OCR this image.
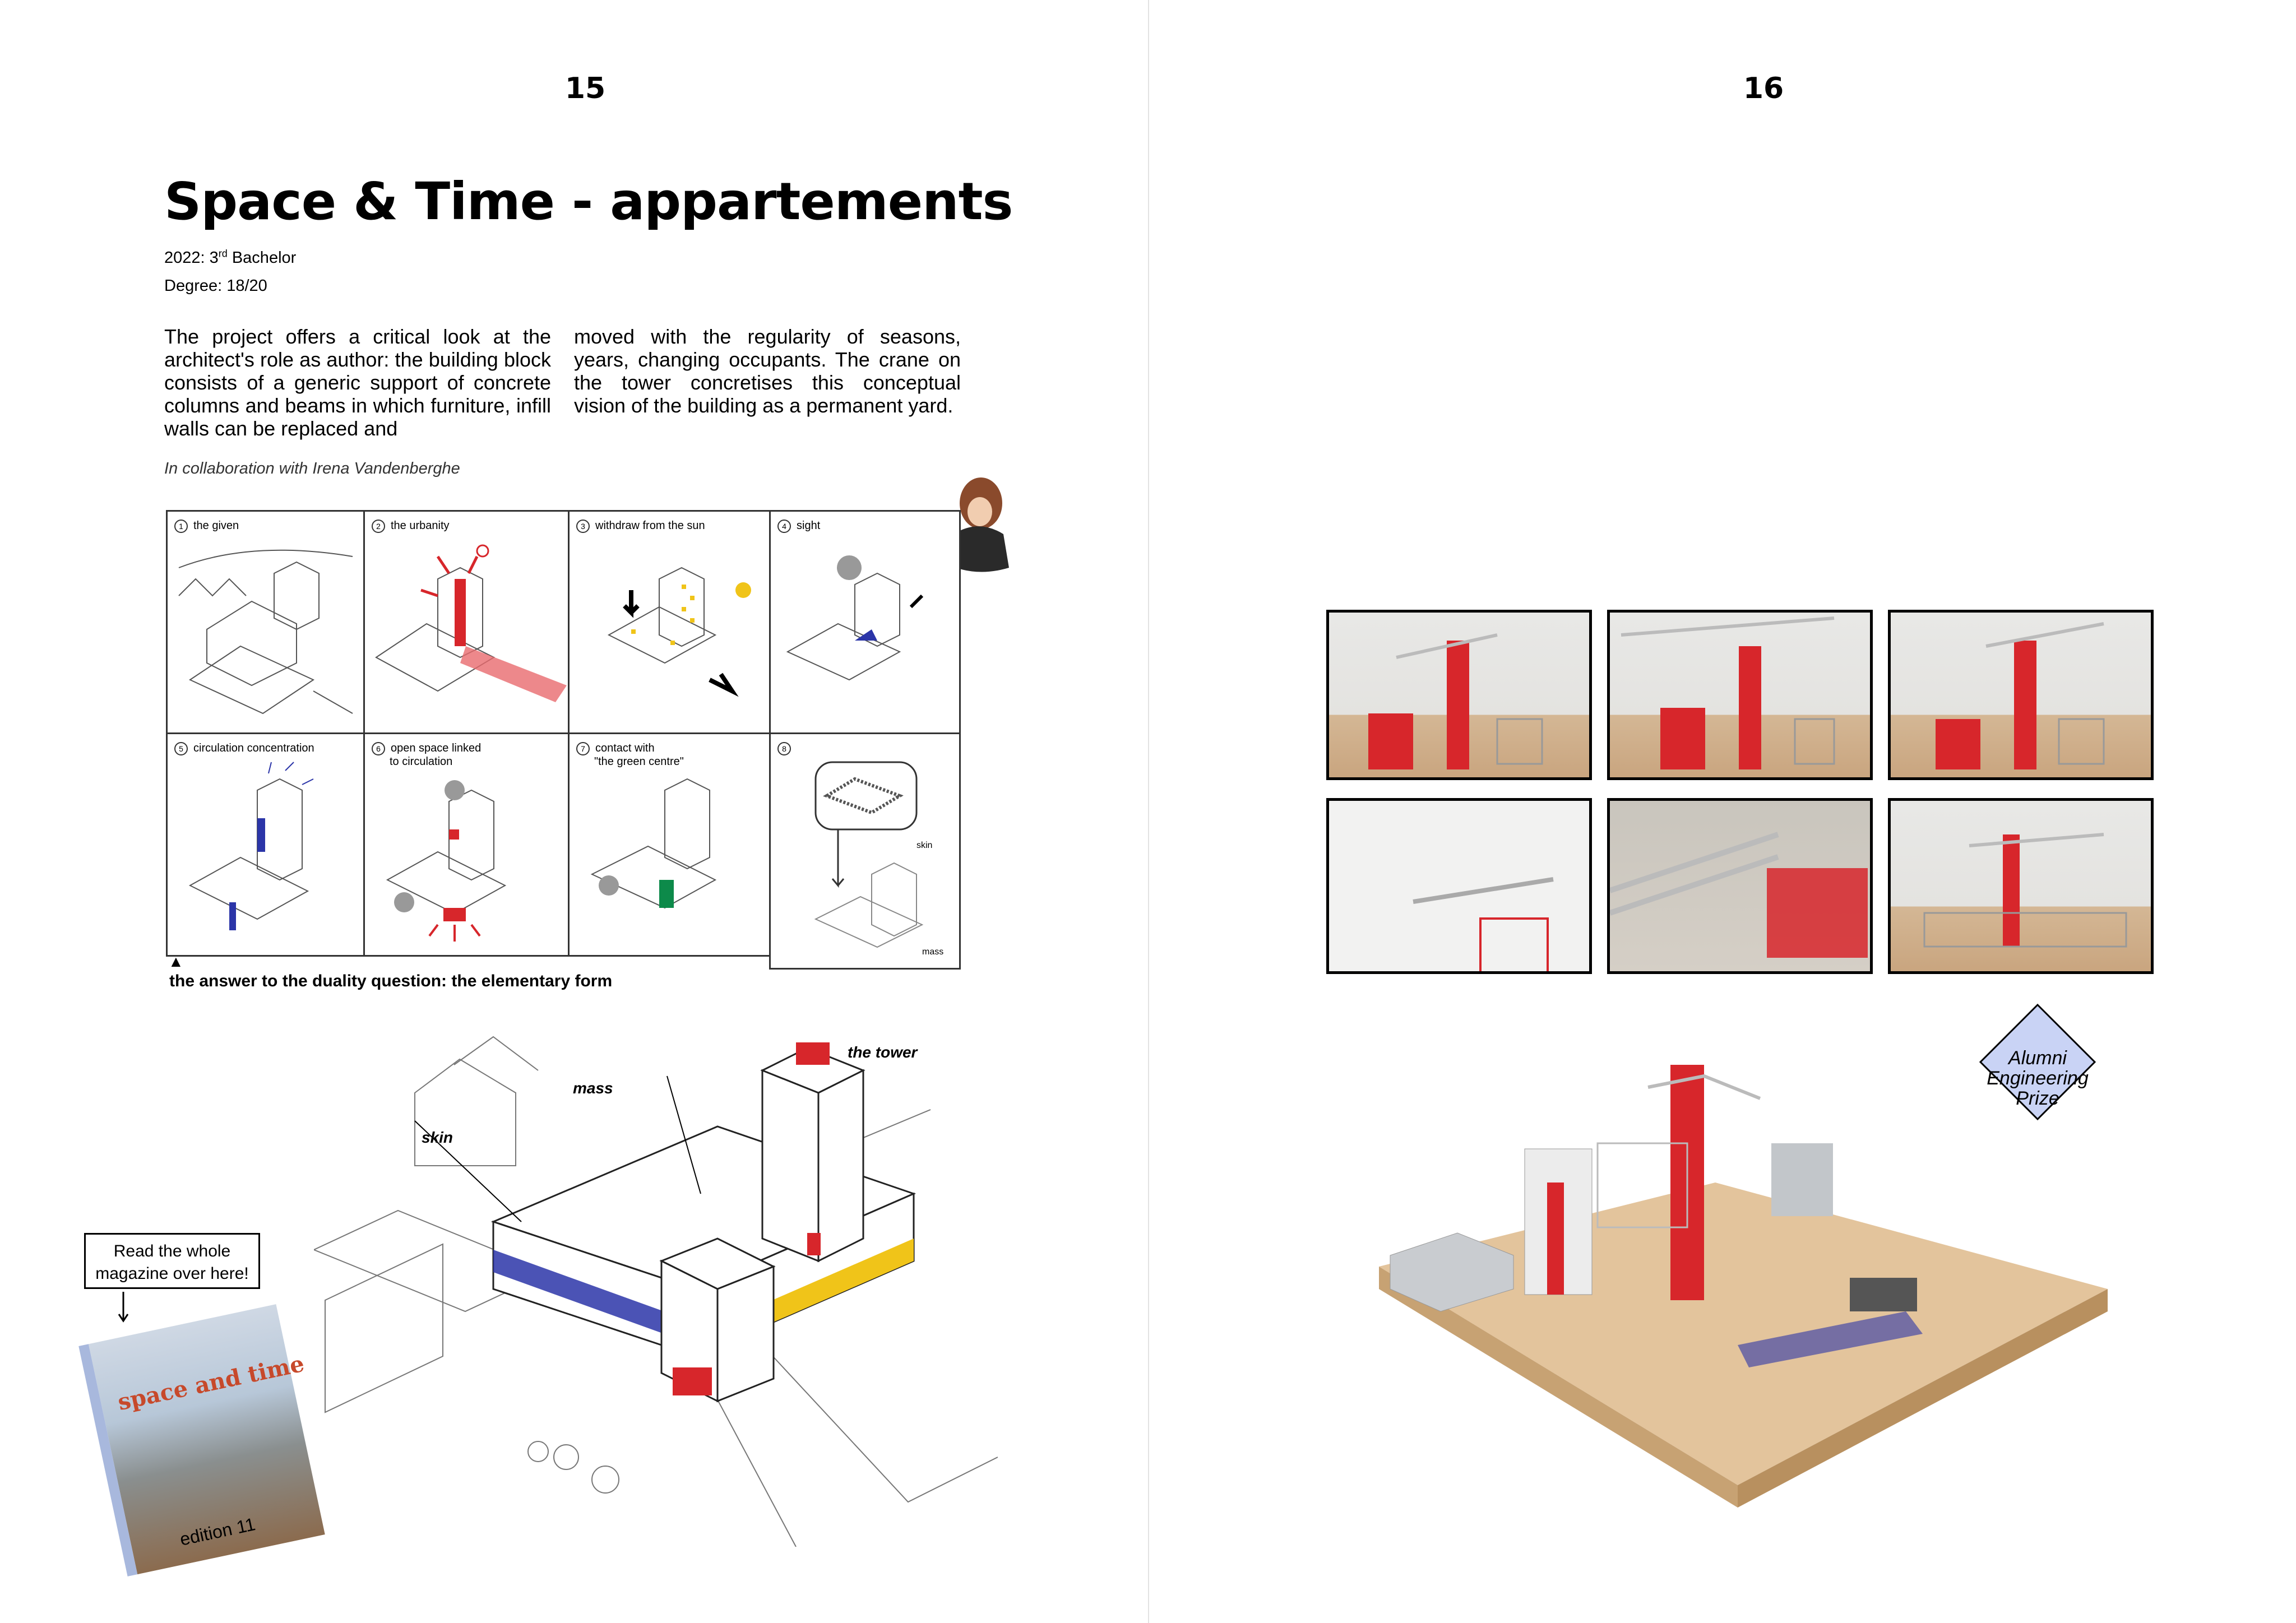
15
Space & Time - appartements
2022: 3rd Bachelor
Degree: 18/20
The project offers a critical look at the architect's role as author: the building block consists of a generic support of concrete columns and beams in which furniture, infill walls can be replaced and
moved with the regularity of seasons, years, changing occupants. The crane on the tower concretises this conceptual vision of the building as a permanent yard.
In collaboration with Irena Vandenberghe
1 the given	2 the urbanity	3 withdraw from the sun	4 sight
5 circulation concentration	6 open space linked
to circulation
7 contact with
"the green centre"
8
skin
mass
▲
the answer to the duality question: the elementary form
mass
skin
the tower
Read the whole
magazine over here!
space and time
edition 11
16
Alumni
Engineering
Prize
